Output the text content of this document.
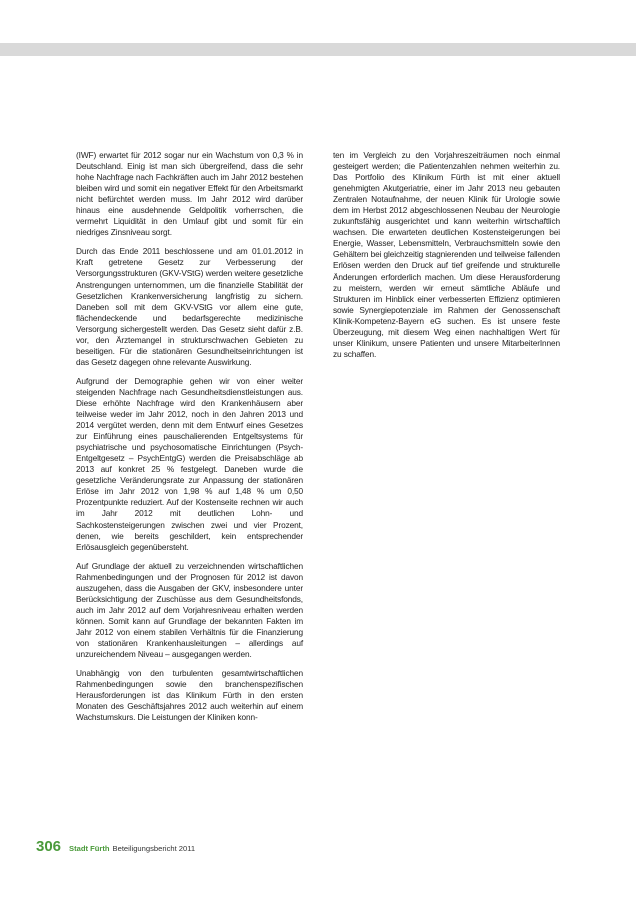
(IWF) erwartet für 2012 sogar nur ein Wachstum von 0,3 % in Deutschland. Einig ist man sich übergreifend, dass die sehr hohe Nachfrage nach Fachkräften auch im Jahr 2012 bestehen bleiben wird und somit ein negativer Effekt für den Arbeitsmarkt nicht befürchtet werden muss. Im Jahr 2012 wird darüber hinaus eine ausdehnende Geldpolitik vorherrschen, die vermehrt Liquidität in den Umlauf gibt und somit für ein niedriges Zinsniveau sorgt.

Durch das Ende 2011 beschlossene und am 01.01.2012 in Kraft getretene Gesetz zur Verbesserung der Versorgungsstrukturen (GKV-VStG) werden weitere gesetzliche Anstrengungen unternommen, um die finanzielle Stabilität der Gesetzlichen Krankenversicherung langfristig zu sichern. Daneben soll mit dem GKV-VStG vor allem eine gute, flächendeckende und bedarfsgerechte medizinische Versorgung sichergestellt werden. Das Gesetz sieht dafür z.B. vor, den Ärztemangel in strukturschwachen Gebieten zu beseitigen. Für die stationären Gesundheitseinrichtungen ist das Gesetz dagegen ohne relevante Auswirkung.

Aufgrund der Demographie gehen wir von einer weiter steigenden Nachfrage nach Gesundheitsdienstleistungen aus. Diese erhöhte Nachfrage wird den Krankenhäusern aber teilweise weder im Jahr 2012, noch in den Jahren 2013 und 2014 vergütet werden, denn mit dem Entwurf eines Gesetzes zur Einführung eines pauschalierenden Entgeltsystems für psychiatrische und psychosomatische Einrichtungen (Psych-Entgeltgesetz – PsychEntgG) werden die Preisabschläge ab 2013 auf konkret 25 % festgelegt. Daneben wurde die gesetzliche Veränderungsrate zur Anpassung der stationären Erlöse im Jahr 2012 von 1,98 % auf 1,48 % um 0,50 Prozentpunkte reduziert. Auf der Kostenseite rechnen wir auch im Jahr 2012 mit deutlichen Lohn- und Sachkostensteigerungen zwischen zwei und vier Prozent, denen, wie bereits geschildert, kein entsprechender Erlösausgleich gegenübersteht.

Auf Grundlage der aktuell zu verzeichnenden wirtschaftlichen Rahmenbedingungen und der Prognosen für 2012 ist davon auszugehen, dass die Ausgaben der GKV, insbesondere unter Berücksichtigung der Zuschüsse aus dem Gesundheitsfonds, auch im Jahr 2012 auf dem Vorjahresniveau erhalten werden können. Somit kann auf Grundlage der bekannten Fakten im Jahr 2012 von einem stabilen Verhältnis für die Finanzierung von stationären Krankenhausleitungen – allerdings auf unzureichendem Niveau – ausgegangen werden.

Unabhängig von den turbulenten gesamtwirtschaftlichen Rahmenbedingungen sowie den branchenspezifischen Herausforderungen ist das Klinikum Fürth in den ersten Monaten des Geschäftsjahres 2012 auch weiterhin auf einem Wachstumskurs. Die Leistungen der Kliniken konn-

ten im Vergleich zu den Vorjahreszeiträumen noch einmal gesteigert werden; die Patientenzahlen nehmen weiterhin zu. Das Portfolio des Klinikum Fürth ist mit einer aktuell genehmigten Akutgeriatrie, einer im Jahr 2013 neu gebauten Zentralen Notaufnahme, der neuen Klinik für Urologie sowie dem im Herbst 2012 abgeschlossenen Neubau der Neurologie zukunftsfähig ausgerichtet und kann weiterhin wirtschaftlich wachsen. Die erwarteten deutlichen Kostensteigerungen bei Energie, Wasser, Lebensmitteln, Verbrauchsmitteln sowie den Gehältern bei gleichzeitig stagnierenden und teilweise fallenden Erlösen werden den Druck auf tief greifende und strukturelle Änderungen erforderlich machen. Um diese Herausforderung zu meistern, werden wir erneut sämtliche Abläufe und Strukturen im Hinblick einer verbesserten Effizienz optimieren sowie Synergiepotenziale im Rahmen der Genossenschaft Klinik-Kompetenz-Bayern eG suchen. Es ist unsere feste Überzeugung, mit diesem Weg einen nachhaltigen Wert für unser Klinikum, unsere Patienten und unsere MitarbeiterInnen zu schaffen.

306 Stadt Fürth Beteiligungsbericht 2011
